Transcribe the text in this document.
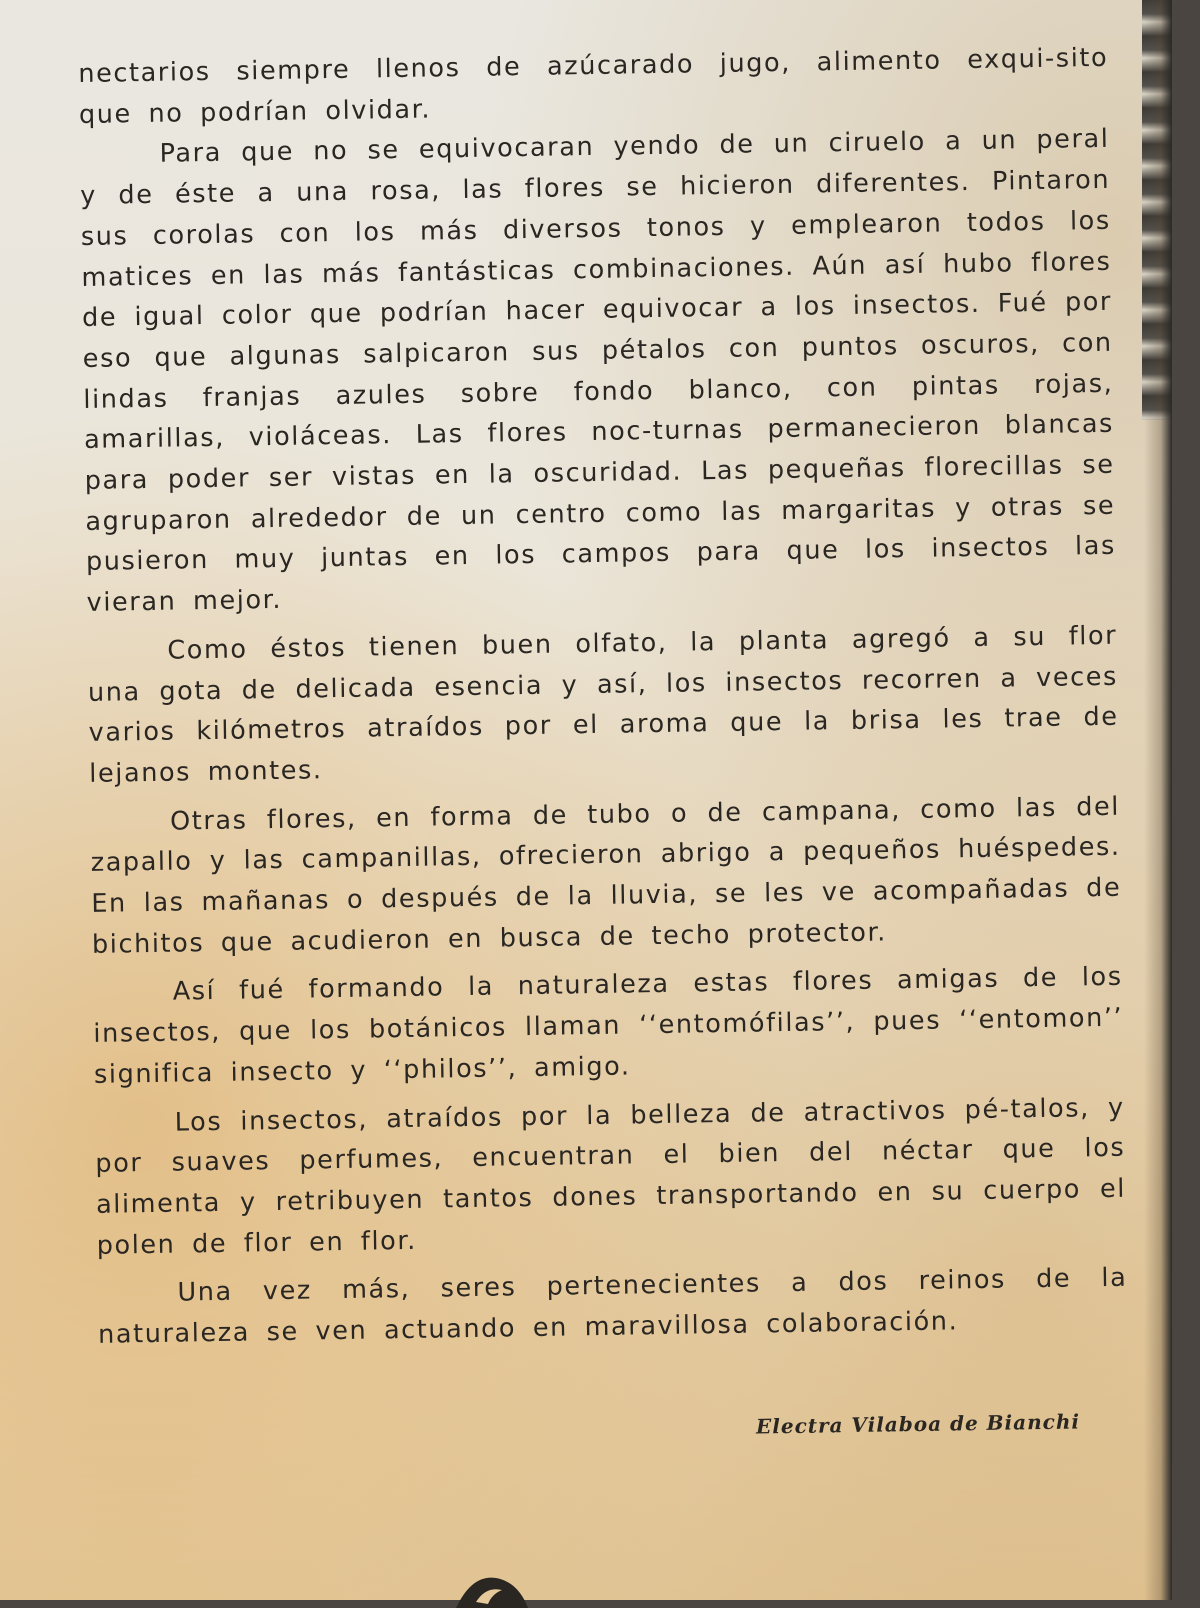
nectarios siempre llenos de azúcarado jugo, alimento exqui-sito que no podrían olvidar.

Para que no se equivocaran yendo de un ciruelo a un peral y de éste a una rosa, las flores se hicieron diferentes. Pintaron sus corolas con los más diversos tonos y emplearon todos los matices en las más fantásticas combinaciones. Aún así hubo flores de igual color que podrían hacer equivocar a los insectos. Fué por eso que algunas salpicaron sus pétalos con puntos oscuros, con lindas franjas azules sobre fondo blanco, con pintas rojas, amarillas, violáceas. Las flores noc-turnas permanecieron blancas para poder ser vistas en la oscuridad. Las pequeñas florecillas se agruparon alrededor de un centro como las margaritas y otras se pusieron muy juntas en los campos para que los insectos las vieran mejor.

Como éstos tienen buen olfato, la planta agregó a su flor una gota de delicada esencia y así, los insectos recorren a veces varios kilómetros atraídos por el aroma que la brisa les trae de lejanos montes.

Otras flores, en forma de tubo o de campana, como las del zapallo y las campanillas, ofrecieron abrigo a pequeños huéspedes. En las mañanas o después de la lluvia, se les ve acompañadas de bichitos que acudieron en busca de techo protector.

Así fué formando la naturaleza estas flores amigas de los insectos, que los botánicos llaman ‘‘entomófilas’’, pues ‘‘entomon’’ significa insecto y ‘‘philos’’, amigo.

Los insectos, atraídos por la belleza de atractivos pé-talos, y por suaves perfumes, encuentran el bien del néctar que los alimenta y retribuyen tantos dones transportando en su cuerpo el polen de flor en flor.

Una vez más, seres pertenecientes a dos reinos de la naturaleza se ven actuando en maravillosa colaboración.

Electra Vilaboa de Bianchi
